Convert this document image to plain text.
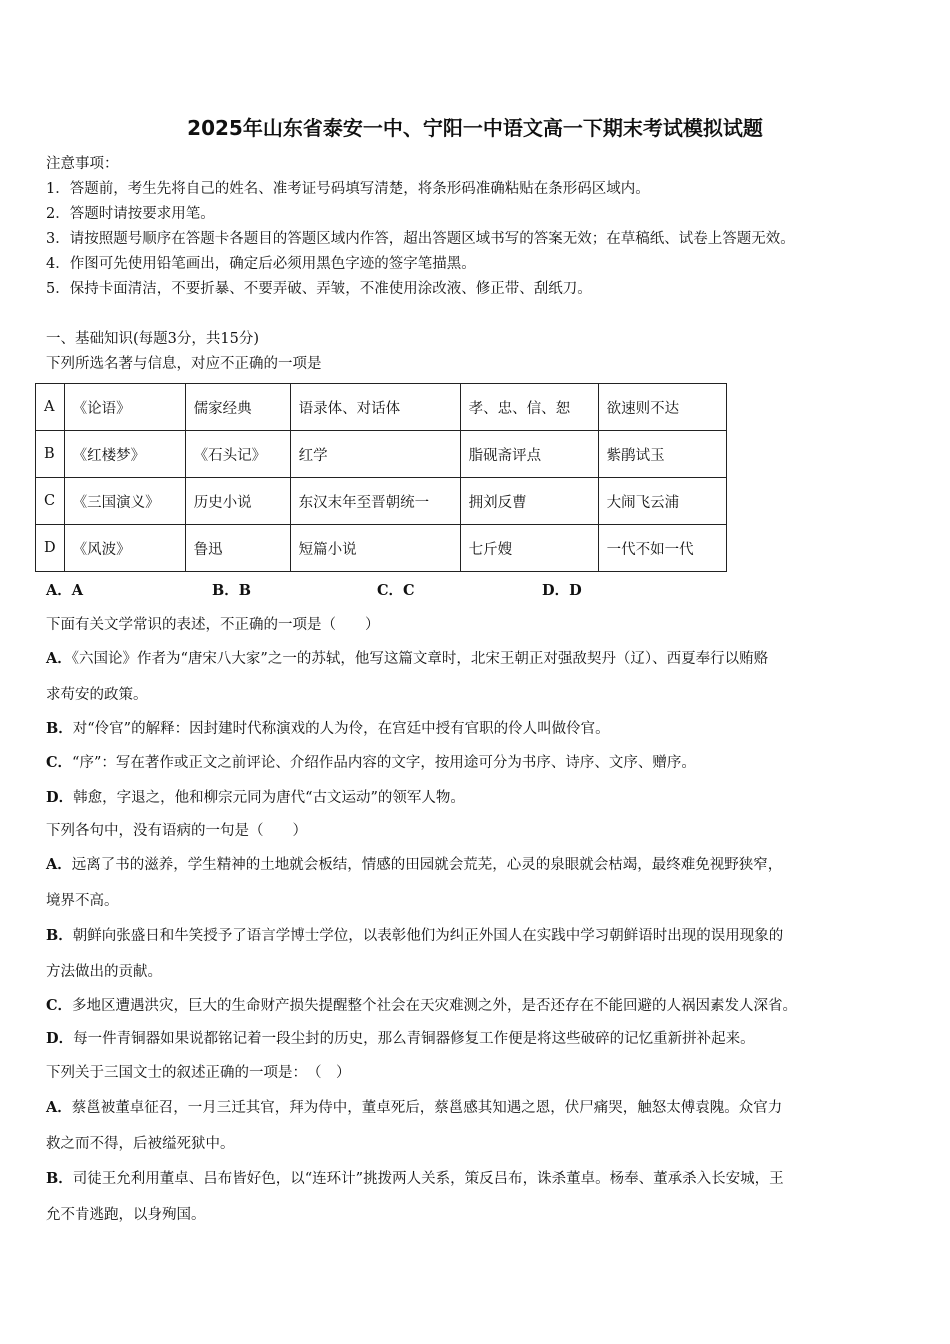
2025年山东省泰安一中、宁阳一中语文高一下期末考试模拟试题
注意事项：
1．答题前，考生先将自己的姓名、准考证号码填写清楚，将条形码准确粘贴在条形码区域内。
2．答题时请按要求用笔。
3．请按照题号顺序在答题卡各题目的答题区域内作答，超出答题区域书写的答案无效；在草稿纸、试卷上答题无效。
4．作图可先使用铅笔画出，确定后必须用黑色字迹的签字笔描黑。
5．保持卡面清洁，不要折暴、不要弄破、弄皱，不准使用涂改液、修正带、刮纸刀。
一、基础知识(每题3分，共15分)
下列所选名著与信息，对应不正确的一项是
A	《论语》	儒家经典	语录体、对话体	孝、忠、信、恕	欲速则不达
B	《红楼梦》	《石头记》	红学	脂砚斋评点	紫鹃试玉
C	《三国演义》	历史小说	东汉末年至晋朝统一	拥刘反曹	大闹飞云浦
D	《风波》	鲁迅	短篇小说	七斤嫂	一代不如一代
A．A	B．B	C．C	D．D
下面有关文学常识的表述，不正确的一项是（　　）
A．《六国论》作者为“唐宋八大家”之一的苏轼，他写这篇文章时，北宋王朝正对强敌契丹（辽）、西夏奉行以贿赂
求苟安的政策。
B．对“伶官”的解释：因封建时代称演戏的人为伶，在宫廷中授有官职的伶人叫做伶官。
C．“序”：写在著作或正文之前评论、介绍作品内容的文字，按用途可分为书序、诗序、文序、赠序。
D．韩愈，字退之，他和柳宗元同为唐代“古文运动”的领军人物。
下列各句中，没有语病的一句是（　　）
A．远离了书的滋养，学生精神的土地就会板结，情感的田园就会荒芜，心灵的泉眼就会枯竭，最终难免视野狭窄，
境界不高。
B．朝鲜向张盛日和牛笑授予了语言学博士学位，以表彰他们为纠正外国人在实践中学习朝鲜语时出现的误用现象的
方法做出的贡献。
C．多地区遭遇洪灾，巨大的生命财产损失提醒整个社会在天灾难测之外，是否还存在不能回避的人祸因素发人深省。
D．每一件青铜器如果说都铭记着一段尘封的历史，那么青铜器修复工作便是将这些破碎的记忆重新拼补起来。
下列关于三国文士的叙述正确的一项是：　（　）
A．蔡邕被董卓征召，一月三迁其官，拜为侍中，董卓死后，蔡邕感其知遇之恩，伏尸痛哭，触怒太傅袁隗。众官力
救之而不得，后被缢死狱中。
B．司徒王允利用董卓、吕布皆好色，以“连环计”挑拨两人关系，策反吕布，诛杀董卓。杨奉、董承杀入长安城，王
允不肯逃跑，以身殉国。
